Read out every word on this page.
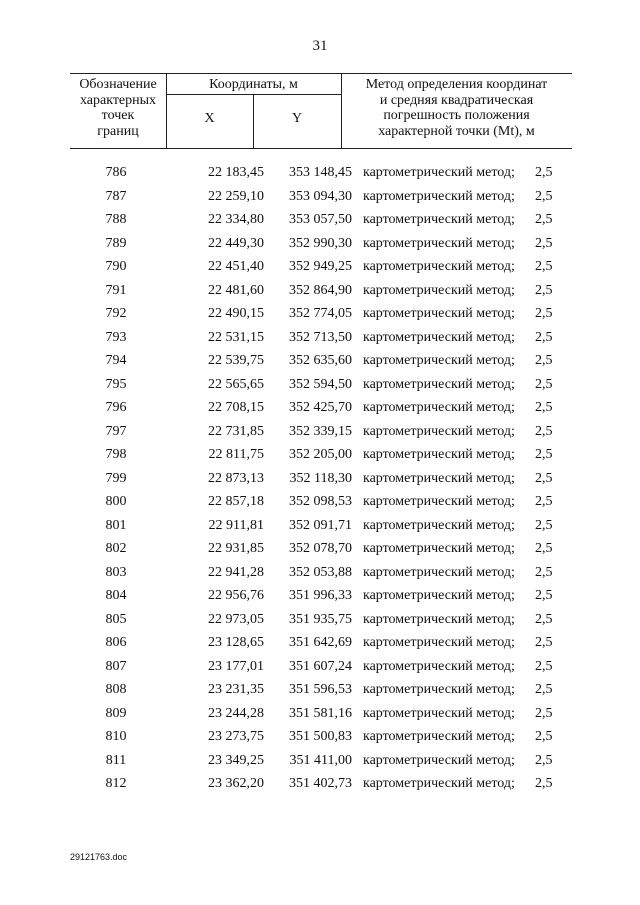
31
Обозначение
характерных
точек
границ
Координаты, м
X	Y
Метод определения координат
и средняя квадратическая
погрешность положения
характерной точки (Mt), м
786	22 183,45	353 148,45 картометрический метод; 2,5
787	22 259,10	353 094,30 картометрический метод; 2,5
788	22 334,80	353 057,50 картометрический метод; 2,5
789	22 449,30	352 990,30 картометрический метод; 2,5
790	22 451,40	352 949,25 картометрический метод; 2,5
791	22 481,60	352 864,90 картометрический метод; 2,5
792	22 490,15	352 774,05 картометрический метод; 2,5
793	22 531,15	352 713,50 картометрический метод; 2,5
794	22 539,75	352 635,60 картометрический метод; 2,5
795	22 565,65	352 594,50 картометрический метод; 2,5
796	22 708,15	352 425,70 картометрический метод; 2,5
797	22 731,85	352 339,15 картометрический метод; 2,5
798	22 811,75	352 205,00 картометрический метод; 2,5
799	22 873,13	352 118,30 картометрический метод; 2,5
800	22 857,18	352 098,53 картометрический метод; 2,5
801	22 911,81	352 091,71 картометрический метод; 2,5
802	22 931,85	352 078,70 картометрический метод; 2,5
803	22 941,28	352 053,88 картометрический метод; 2,5
804	22 956,76	351 996,33 картометрический метод; 2,5
805	22 973,05	351 935,75 картометрический метод; 2,5
806	23 128,65	351 642,69 картометрический метод; 2,5
807	23 177,01	351 607,24 картометрический метод; 2,5
808	23 231,35	351 596,53 картометрический метод; 2,5
809	23 244,28	351 581,16 картометрический метод; 2,5
810	23 273,75	351 500,83 картометрический метод; 2,5
811	23 349,25	351 411,00 картометрический метод; 2,5
812	23 362,20	351 402,73 картометрический метод; 2,5
29121763.doc
